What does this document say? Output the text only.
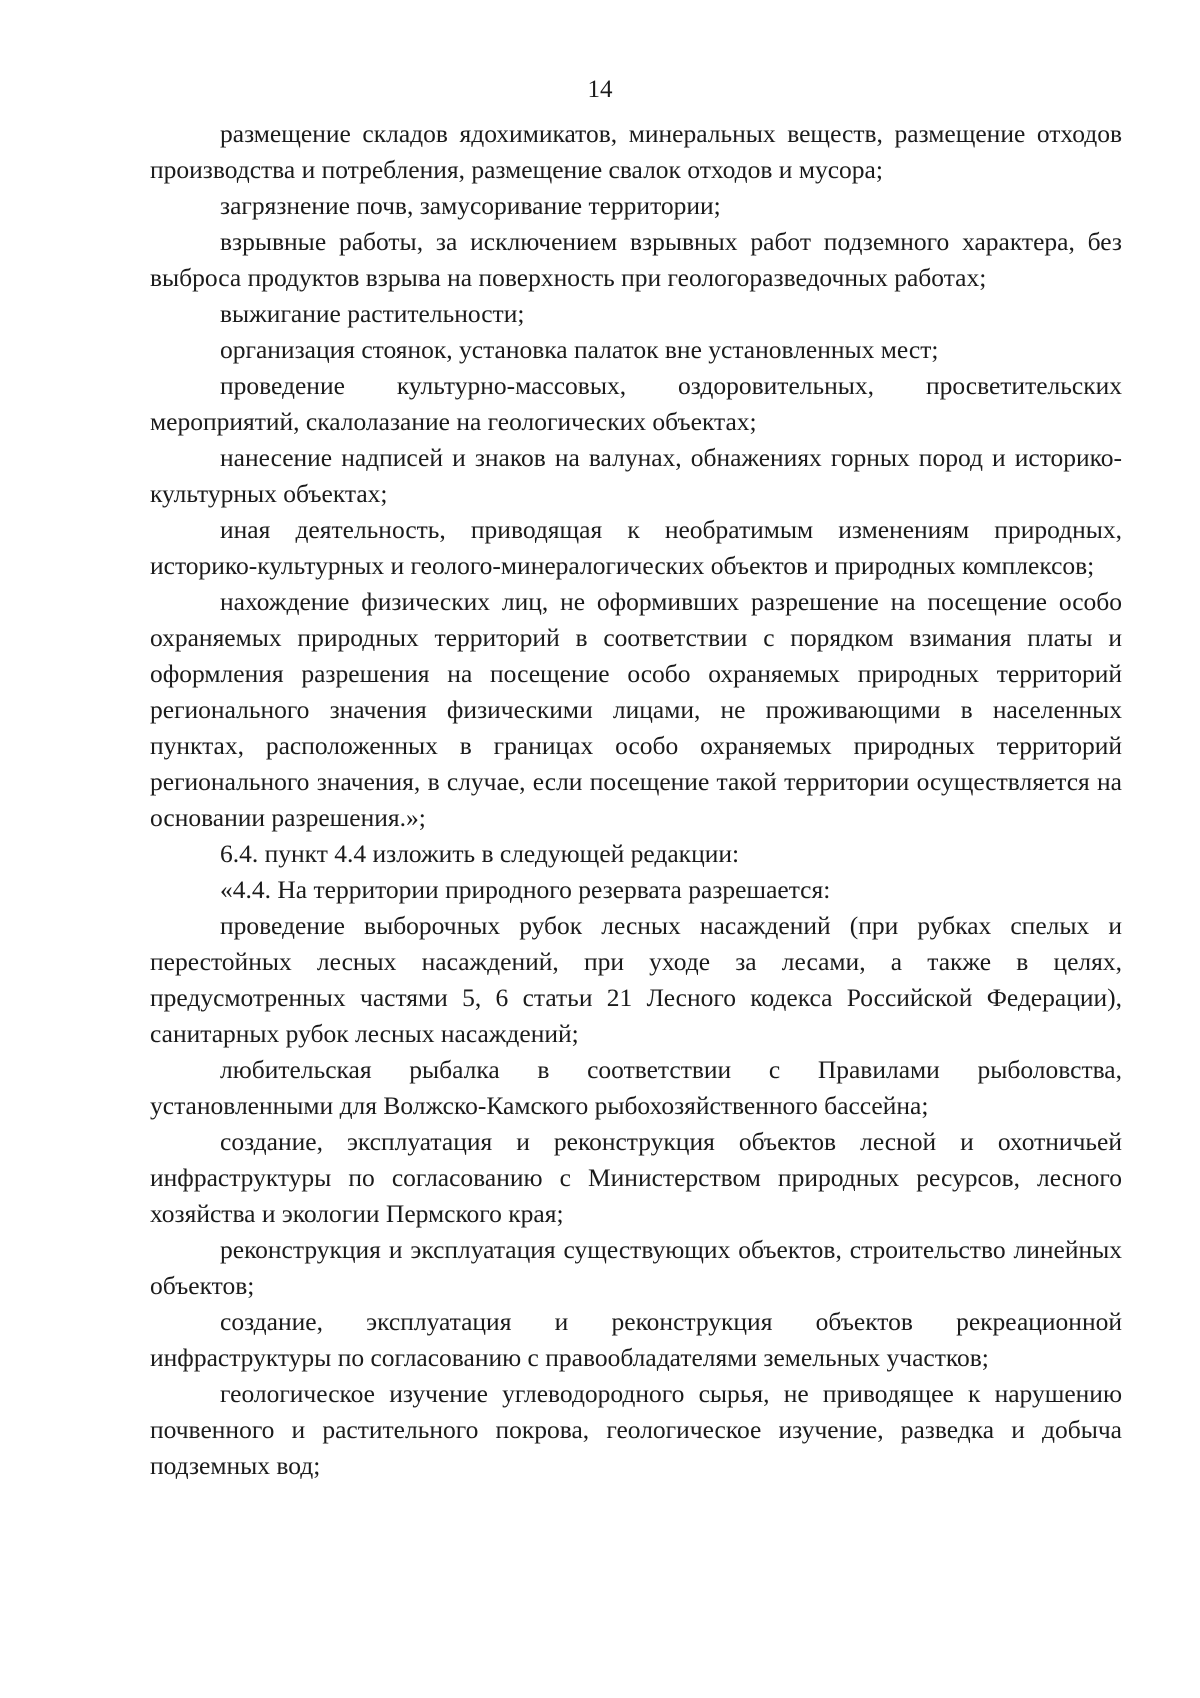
14

размещение складов ядохимикатов, минеральных веществ, размещение отходов производства и потребления, размещение свалок отходов и мусора;

загрязнение почв, замусоривание территории;

взрывные работы, за исключением взрывных работ подземного характера, без выброса продуктов взрыва на поверхность при геологоразведочных работах;

выжигание растительности;

организация стоянок, установка палаток вне установленных мест;

проведение культурно-массовых, оздоровительных, просветительских мероприятий, скалолазание на геологических объектах;

нанесение надписей и знаков на валунах, обнажениях горных пород и историко-культурных объектах;

иная деятельность, приводящая к необратимым изменениям природных, историко-культурных и геолого-минералогических объектов и природных комплексов;

нахождение физических лиц, не оформивших разрешение на посещение особо охраняемых природных территорий в соответствии с порядком взимания платы и оформления разрешения на посещение особо охраняемых природных территорий регионального значения физическими лицами, не проживающими в населенных пунктах, расположенных в границах особо охраняемых природных территорий регионального значения, в случае, если посещение такой территории осуществляется на основании разрешения.»;

6.4. пункт 4.4 изложить в следующей редакции:

«4.4. На территории природного резервата разрешается:

проведение выборочных рубок лесных насаждений (при рубках спелых и перестойных лесных насаждений, при уходе за лесами, а также в целях, предусмотренных частями 5, 6 статьи 21 Лесного кодекса Российской Федерации), санитарных рубок лесных насаждений;

любительская рыбалка в соответствии с Правилами рыболовства, установленными для Волжско-Камского рыбохозяйственного бассейна;

создание, эксплуатация и реконструкция объектов лесной и охотничьей инфраструктуры по согласованию с Министерством природных ресурсов, лесного хозяйства и экологии Пермского края;

реконструкция и эксплуатация существующих объектов, строительство линейных объектов;

создание, эксплуатация и реконструкция объектов рекреационной инфраструктуры по согласованию с правообладателями земельных участков;

геологическое изучение углеводородного сырья, не приводящее к нарушению почвенного и растительного покрова, геологическое изучение, разведка и добыча подземных вод;
